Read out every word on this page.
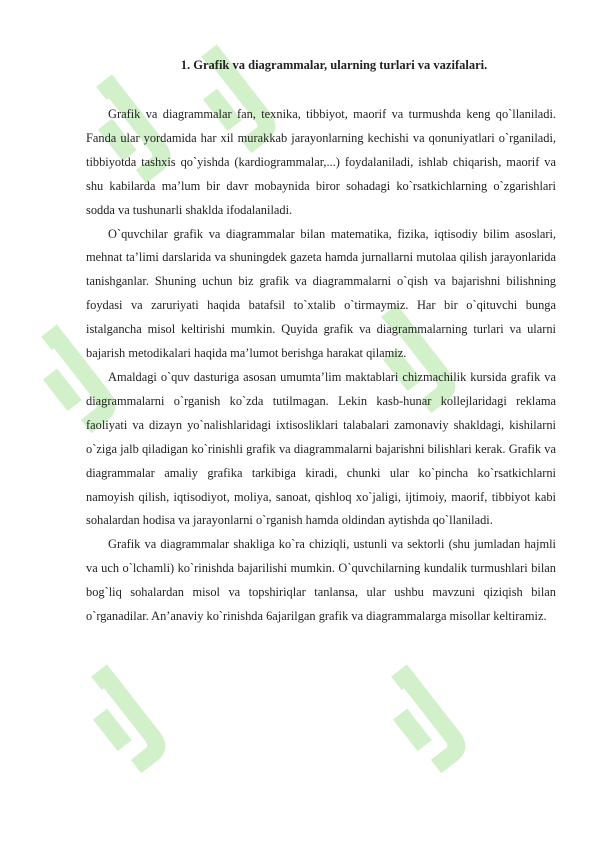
1. Grafik va diagrammalar, ularning turlari va vazifalari.

Grafik va diagrammalar fan, texnika, tibbiyot, maorif va turmushda keng qo`llaniladi. Fanda ular yordamida har xil murakkab jarayonlarning kechishi va qonuniyatlari o`rganiladi, tibbiyotda tashxis qo`yishda (kardiogrammalar,...) foydalaniladi, ishlab chiqarish, maorif va shu kabilarda ma’lum bir davr mobaynida biror sohadagi ko`rsatkichlarning o`zgarishlari sodda va tushunarli shaklda ifodalaniladi.

O`quvchilar grafik va diagrammalar bilan matematika, fizika, iqtisodiy bilim asoslari, mehnat ta’limi darslarida va shuningdek gazeta hamda jurnallarni mutolaa qilish jarayonlarida tanishganlar. Shuning uchun biz grafik va diagrammalarni o`qish va bajarishni bilishning foydasi va zaruriyati haqida batafsil to`xtalib o`tirmaymiz. Har bir o`qituvchi bunga istalgancha misol keltirishi mumkin. Quyida grafik va diagrammalarning turlari va ularni bajarish metodikalari haqida ma’lumot berishga harakat qilamiz.

Amaldagi o`quv dasturiga asosan umumta’lim maktablari chizmachilik kursida grafik va diagrammalarni o`rganish ko`zda tutilmagan. Lekin kasb-hunar kollejlaridagi reklama faoliyati va dizayn yo`nalishlaridagi ixtisosliklari talabalari zamonaviy shakldagi, kishilarni o`ziga jalb qiladigan ko`rinishli grafik va diagrammalarni bajarishni bilishlari kerak. Grafik va diagrammalar amaliy grafika tarkibiga kiradi, chunki ular ko`pincha ko`rsatkichlarni namoyish qilish, iqtisodiyot, moliya, sanoat, qishloq xo`jaligi, ijtimoiy, maorif, tibbiyot kabi sohalardan hodisa va jarayonlarni o`rganish hamda oldindan aytishda qo`llaniladi.

Grafik va diagrammalar shakliga ko`ra chiziqli, ustunli va sektorli (shu jumladan hajmli va uch o`lchamli) ko`rinishda bajarilishi mumkin. O`quvchilarning kundalik turmushlari bilan bog`liq sohalardan misol va topshiriqlar tanlansa, ular ushbu mavzuni qiziqish bilan o`rganadilar. An’anaviy ko`rinishda 6ajarilgan grafik va diagrammalarga misollar keltiramiz.
